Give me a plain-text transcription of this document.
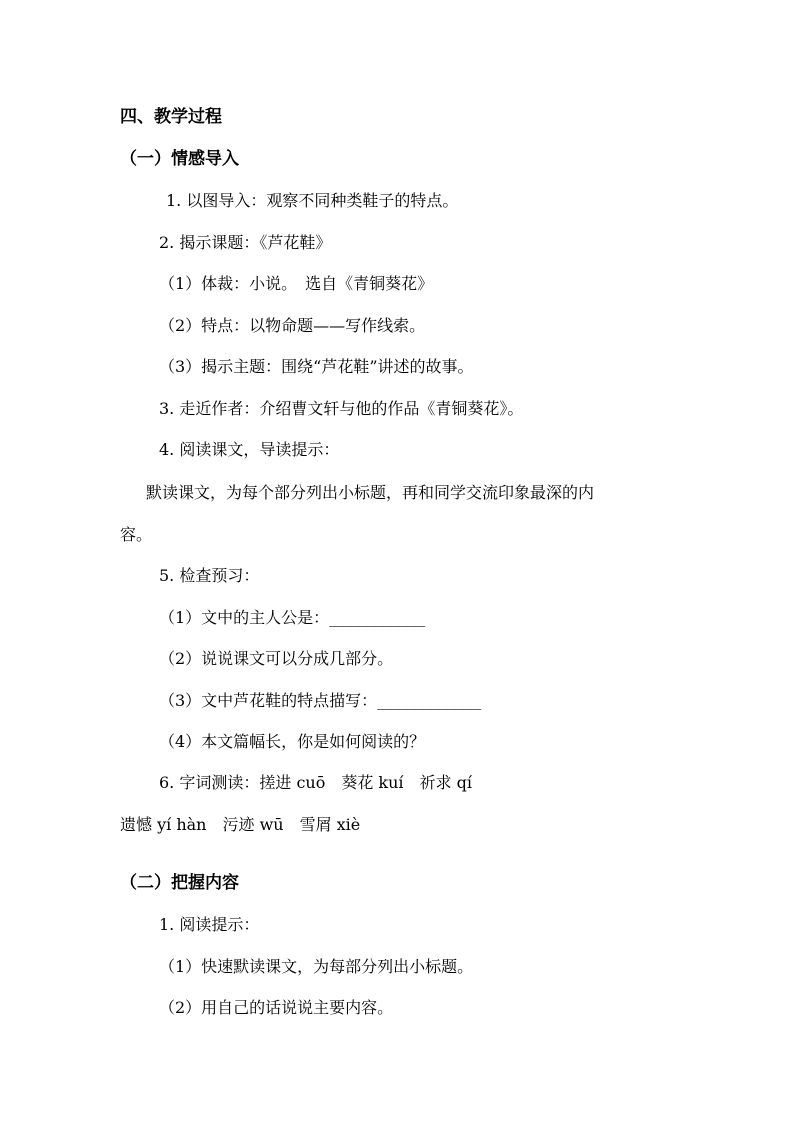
四、教学过程
（一）情感导入
1. 以图导入：观察不同种类鞋子的特点。
2. 揭示课题：《芦花鞋》
（1）体裁：小说。　选自《青铜葵花》
（2）特点：以物命题——写作线索。
（3）揭示主题：围绕“芦花鞋”讲述的故事。
3. 走近作者：介绍曹文轩与他的作品《青铜葵花》。
4. 阅读课文，导读提示：
默读课文，为每个部分列出小标题，再和同学交流印象最深的内
容。
5. 检查预习：
（1）文中的主人公是：____________
（2）说说课文可以分成几部分。
（3）文中芦花鞋的特点描写：_____________
（4）本文篇幅长，你是如何阅读的？
6. 字词测读：搓进 cuō　葵花 kuí　祈求 qí
遗憾 yí hàn　污迹 wū　雪屑 xiè
（二）把握内容
1. 阅读提示：
（1）快速默读课文，为每部分列出小标题。
（2）用自己的话说说主要内容。
